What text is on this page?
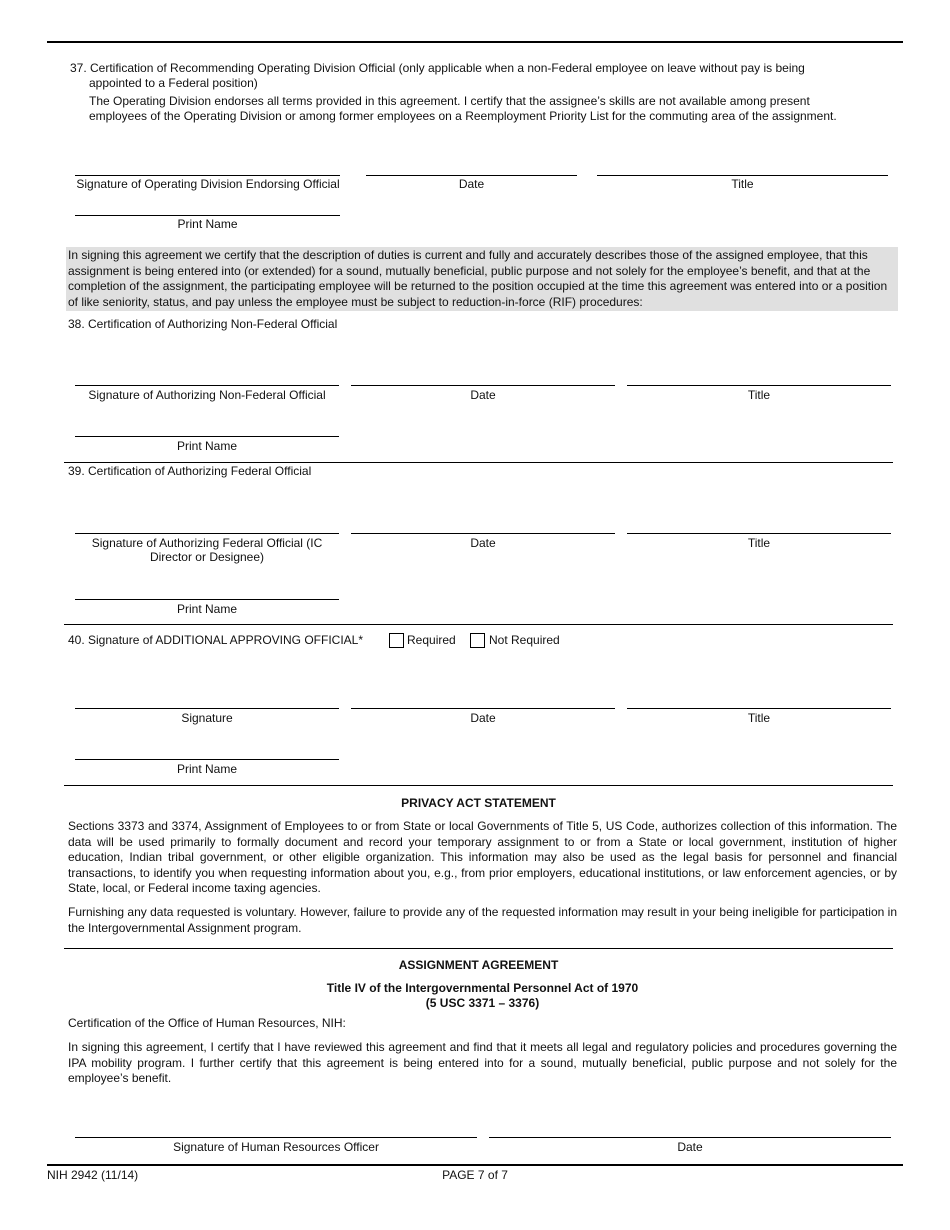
37. Certification of Recommending Operating Division Official (only applicable when a non-Federal employee on leave without pay is being
appointed to a Federal position)
The Operating Division endorses all terms provided in this agreement. I certify that the assignee’s skills are not available among present
employees of the Operating Division or among former employees on a Reemployment Priority List for the commuting area of the assignment.
Signature of Operating Division Endorsing Official	Date	Title
Print Name
In signing this agreement we certify that the description of duties is current and fully and accurately describes those of the assigned employee, that this assignment is being entered into (or extended) for a sound, mutually beneficial, public purpose and not solely for the employee’s benefit, and that at the completion of the assignment, the participating employee will be returned to the position occupied at the time this agreement was entered into or a position of like seniority, status, and pay unless the employee must be subject to reduction-in-force (RIF) procedures:
38. Certification of Authorizing Non-Federal Official
Signature of Authorizing Non-Federal Official	Date	Title
Print Name
39. Certification of Authorizing Federal Official
Signature of Authorizing Federal Official (IC
Director or Designee)
Date	Title
Print Name
40. Signature of ADDITIONAL APPROVING OFFICIAL*	Required	Not Required
Signature	Date	Title
Print Name
PRIVACY ACT STATEMENT
Sections 3373 and 3374, Assignment of Employees to or from State or local Governments of Title 5, US Code, authorizes collection of this information. The data will be used primarily to formally document and record your temporary assignment to or from a State or local government, institution of higher education, Indian tribal government, or other eligible organization. This information may also be used as the legal basis for personnel and financial transactions, to identify you when requesting information about you, e.g., from prior employers, educational institutions, or law enforcement agencies, or by State, local, or Federal income taxing agencies.
Furnishing any data requested is voluntary. However, failure to provide any of the requested information may result in your being ineligible for participation in the Intergovernmental Assignment program.
ASSIGNMENT AGREEMENT
Title IV of the Intergovernmental Personnel Act of 1970
(5 USC 3371 – 3376)
Certification of the Office of Human Resources, NIH:
In signing this agreement, I certify that I have reviewed this agreement and find that it meets all legal and regulatory policies and procedures governing the IPA mobility program. I further certify that this agreement is being entered into for a sound, mutually beneficial, public purpose and not solely for the employee’s benefit.
Signature of Human Resources Officer	Date
NIH 2942 (11/14)	PAGE 7 of 7
